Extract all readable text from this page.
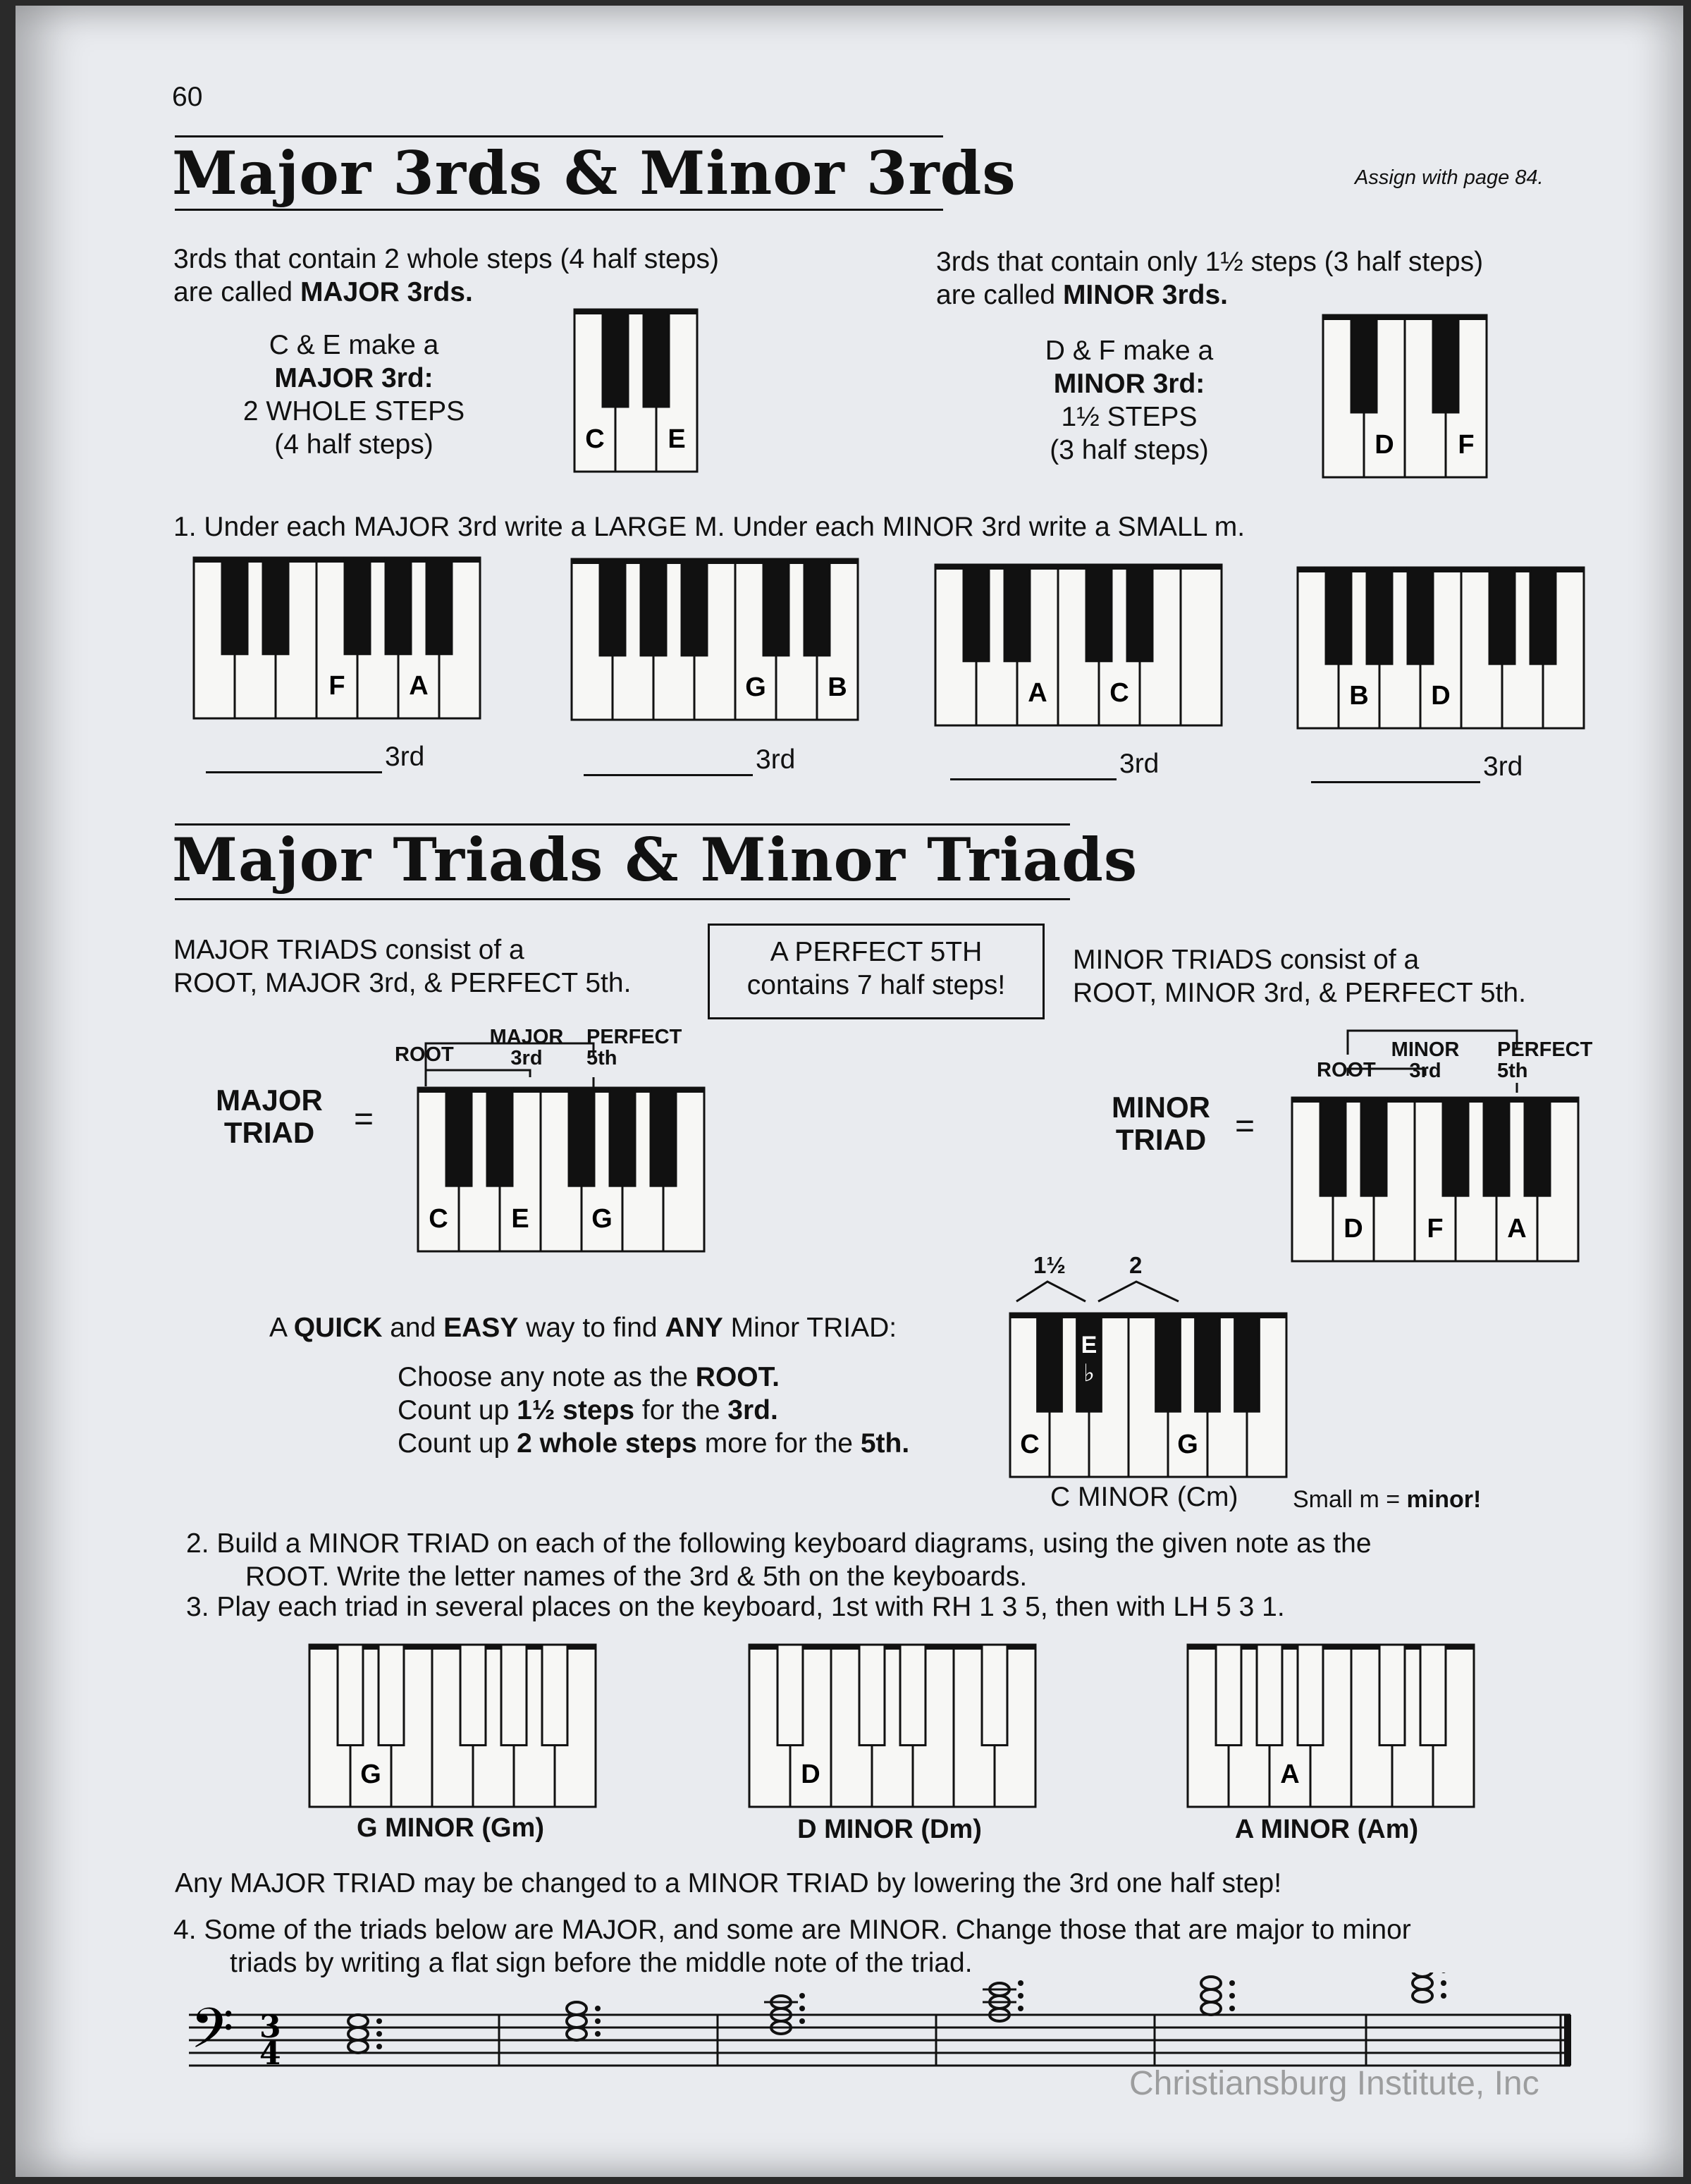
60
Major 3rds & Minor 3rds	Assign with page 84.
3rds that contain 2 whole steps (4 half steps)
are called MAJOR 3rds.
3rds that contain only 1½ steps (3 half steps)
are called MINOR 3rds.
C & E make a
MAJOR 3rd:
2 WHOLE STEPS
(4 half steps)
D & F make a
MINOR 3rd:
1½ STEPS
(3 half steps)
C E	D F
1. Under each MAJOR 3rd write a LARGE M. Under each MINOR 3rd write a SMALL m.
F A	G B	A C	B D
3rd	3rd	3rd	3rd
Major Triads & Minor Triads
MAJOR TRIADS consist of a
ROOT, MAJOR 3rd, & PERFECT 5th.
A PERFECT 5TH
contains 7 half steps!
MINOR TRIADS consist of a
ROOT, MINOR 3rd, & PERFECT 5th.
MAJOR
TRIAD	=
ROOT
MAJOR
3rd
PERFECT
5th
C E G
MINOR
TRIAD =
ROOT
MINOR
3rd
PERFECT
5th
D F A
A QUICK and EASY way to find ANY Minor TRIAD:
Choose any note as the ROOT.
Count up 1½ steps for the 3rd.
Count up 2 whole steps more for the 5th.
1½	2
C	G
E
♭
C MINOR (Cm) Small m = minor!
2. Build a MINOR TRIAD on each of the following keyboard diagrams, using the given note as the
ROOT. Write the letter names of the 3rd & 5th on the keyboards.
3. Play each triad in several places on the keyboard, 1st with RH 1 3 5, then with LH 5 3 1.
G	D	A
G MINOR (Gm)	D MINOR (Dm)	A MINOR (Am)
Any MAJOR TRIAD may be changed to a MINOR TRIAD by lowering the 3rd one half step!
4. Some of the triads below are MAJOR, and some are MINOR. Change those that are major to minor
triads by writing a flat sign before the middle note of the triad.
𝄢 3
4
Christiansburg Institute, Inc
